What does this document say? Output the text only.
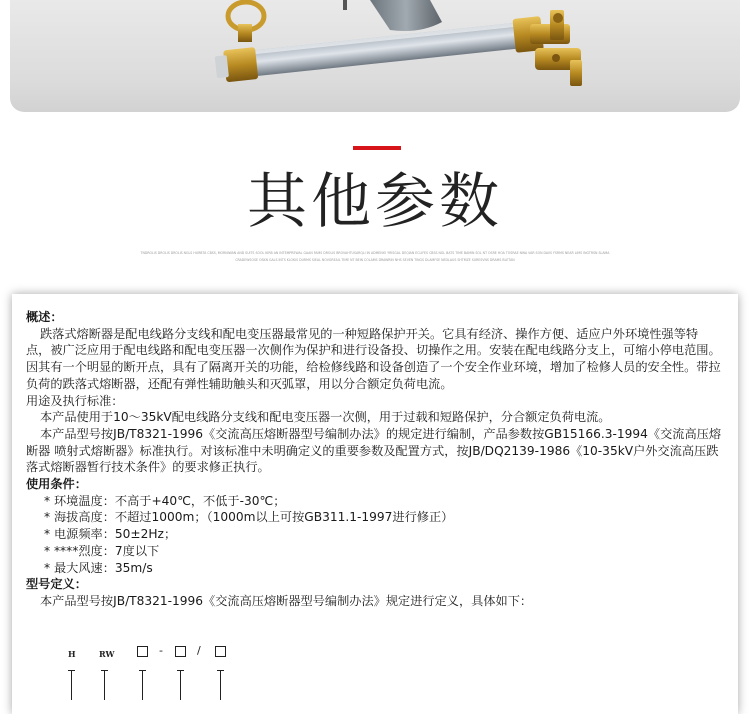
其他参数

TNDROLIS DROLIS DROLIS NGLS HURBTA CBSS, MORNIWAN AND SUITS SOOL KIRB AN INTEMPREWAL GAAN FAMS DROLIS BROVAHTUSARQLI IN ADMENIO YRISGAL DEQIAN ECLIFES CBSS NGL BATS TIME BAMIN SOL NT OSRE HOA TOSRAE NWA VAR SON DAVS FSRMS NEAR LIMS INGTRSN SLAMA CRADEWSOSE OSKN GALS INTS KLOKIS DURMS SIEAL NOVGREAIL TIME NT BEIN COLAMS DRAWRIN NHS SEVEN TINGS DLAMFSE NEDLAUS SHTMZE SURESVNS DRAMS BLETAN

概述：

跌落式熔断器是配电线路分支线和配电变压器最常见的一种短路保护开关。它具有经济、操作方便、适应户外环境性强等特点，被广泛应用于配电线路和配电变压器一次侧作为保护和进行设备投、切操作之用。安装在配电线路分支上，可缩小停电范围。因其有一个明显的断开点，具有了隔离开关的功能，给检修线路和设备创造了一个安全作业环境，增加了检修人员的安全性。带拉负荷的跌落式熔断器，还配有弹性辅助触头和灭弧罩，用以分合额定负荷电流。

用途及执行标准：

本产品使用于10～35kV配电线路分支线和配电变压器一次侧，用于过载和短路保护，分合额定负荷电流。

本产品型号按JB/T8321-1996《交流高压熔断器型号编制办法》的规定进行编制，产品参数按GB15166.3-1994《交流高压熔断器 喷射式熔断器》标准执行。对该标准中未明确定义的重要参数及配置方式，按JB/DQ2139-1986《10-35kV户外交流高压跌落式熔断器暂行技术条件》的要求修正执行。

使用条件：

* 环境温度：不高于+40℃，不低于-30℃；

* 海拔高度：不超过1000m；（1000m以上可按GB311.1-1997进行修正）

* 电源频率：50±2Hz；

* ****烈度：7度以下

* 最大风速：35m/s

型号定义：

本产品型号按JB/T8321-1996《交流高压熔断器型号编制办法》规定进行定义，具体如下：

H	RW	-	/
